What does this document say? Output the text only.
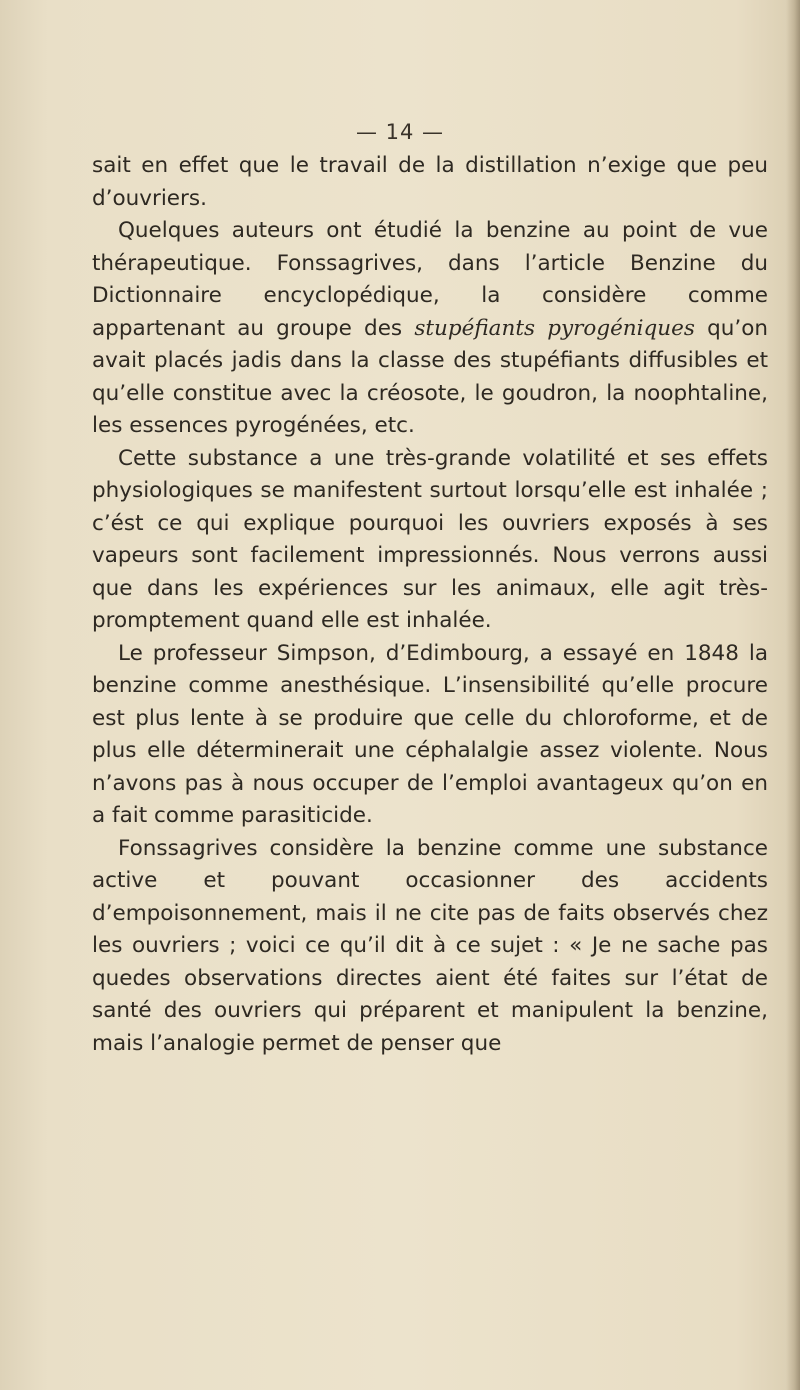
— 14 —

sait en effet que le travail de la distillation n’exige que peu d’ouvriers.

Quelques auteurs ont étudié la benzine au point de vue thérapeutique. Fonssagrives, dans l’article Benzine du Dictionnaire encyclopédique, la considère comme appartenant au groupe des stupéfiants pyrogéniques qu’on avait placés jadis dans la classe des stupéfiants diffusibles et qu’elle constitue avec la créosote, le goudron, la noophtaline, les essences pyrogénées, etc.

Cette substance a une très-grande volatilité et ses effets physiologiques se manifestent surtout lorsqu’elle est inhalée ; c’ést ce qui explique pourquoi les ouvriers exposés à ses vapeurs sont facilement impressionnés. Nous verrons aussi que dans les expériences sur les animaux, elle agit très-promptement quand elle est inhalée.

Le professeur Simpson, d’Edimbourg, a essayé en 1848 la benzine comme anesthésique. L’insensibilité qu’elle procure est plus lente à se produire que celle du chloroforme, et de plus elle déterminerait une céphalalgie assez violente. Nous n’avons pas à nous occuper de l’emploi avantageux qu’on en a fait comme parasiticide.

Fonssagrives considère la benzine comme une substance active et pouvant occasionner des accidents d’empoisonnement, mais il ne cite pas de faits observés chez les ouvriers ; voici ce qu’il dit à ce sujet : « Je ne sache pas quedes observations directes aient été faites sur l’état de santé des ouvriers qui préparent et manipulent la benzine, mais l’analogie permet de penser que
